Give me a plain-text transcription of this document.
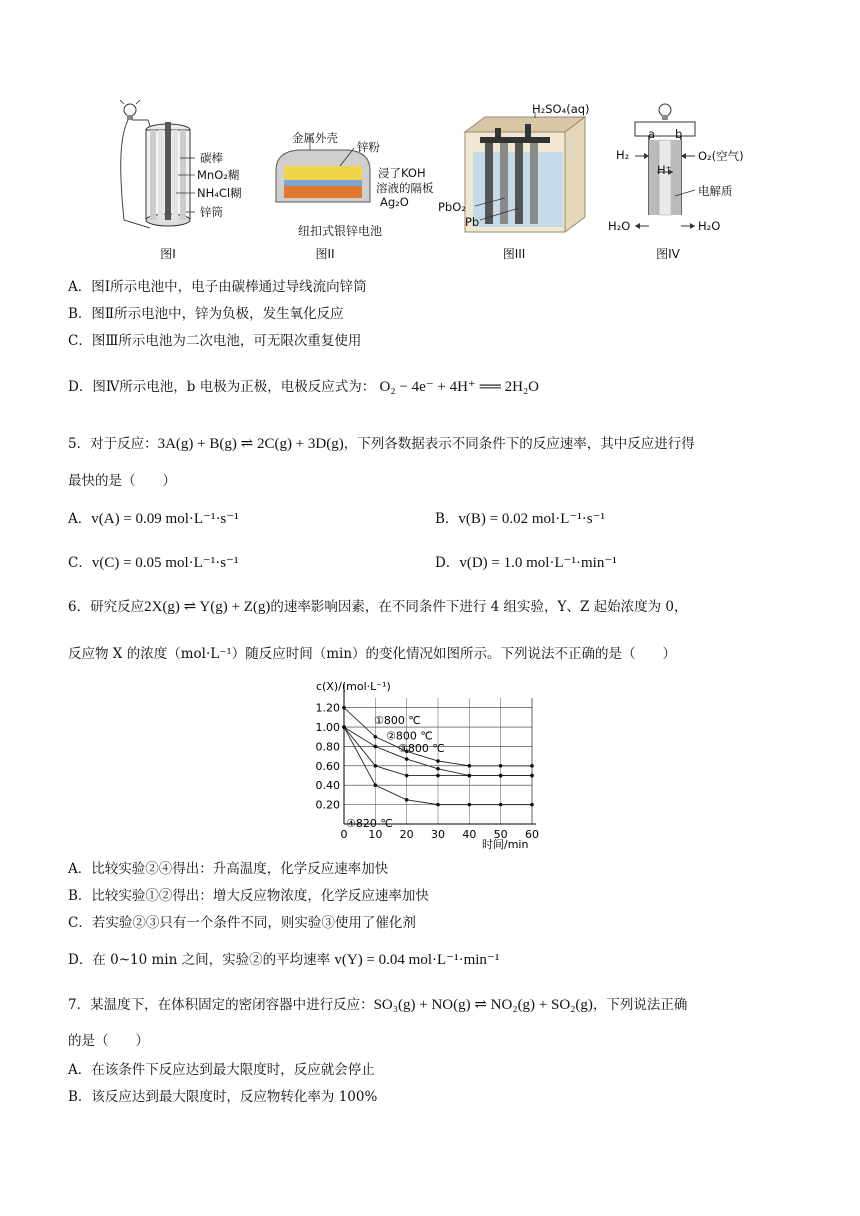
碳棒
MnO₂糊
NH₄Cl糊
锌筒
图I
金属外壳
锌粉
浸了KOH
溶液的隔板
Ag₂O
纽扣式银锌电池
图II
H₂SO₄(aq)
PbO₂
Pb
图III
a b
H₂	O₂(空气)
H⁺
电解质
H₂O	H₂O
图IV
A．图Ⅰ所示电池中，电子由碳棒通过导线流向锌筒
B．图Ⅱ所示电池中，锌为负极，发生氧化反应
C．图Ⅲ所示电池为二次电池，可无限次重复使用
D．图Ⅳ所示电池，b 电极为正极，电极反应式为： O₂ − 4e⁻ + 4H⁺ ══ 2H₂O
5．对于反应：3A(g) + B(g) ⇌ 2C(g) + 3D(g)，下列各数据表示不同条件下的反应速率，其中反应进行得
最快的是（　　）
A．v(A) = 0.09 mol·L⁻¹·s⁻¹	B．v(B) = 0.02 mol·L⁻¹·s⁻¹
C．v(C) = 0.05 mol·L⁻¹·s⁻¹	D．v(D) = 1.0 mol·L⁻¹·min⁻¹
6．研究反应2X(g) ⇌ Y(g) + Z(g)的速率影响因素，在不同条件下进行 4 组实验，Y、Z 起始浓度为 0，
反应物 X 的浓度（mol·L⁻¹）随反应时间（min）的变化情况如图所示。下列说法不正确的是（　　）
①800 ℃
②800 ℃
③800 ℃
④820 ℃
0.20
0.40
0.60
0.80
1.00
1.20
0 10 20 30 40 50 60
c(X)/(mol·L⁻¹)
时间/min
A．比较实验②④得出：升高温度，化学反应速率加快
B．比较实验①②得出：增大反应物浓度，化学反应速率加快
C．若实验②③只有一个条件不同，则实验③使用了催化剂
D．在 0~10 min 之间，实验②的平均速率 v(Y) = 0.04 mol·L⁻¹·min⁻¹
7．某温度下，在体积固定的密闭容器中进行反应：SO₃(g) + NO(g) ⇌ NO₂(g) + SO₂(g)，下列说法正确
的是（　　）
A．在该条件下反应达到最大限度时，反应就会停止
B．该反应达到最大限度时，反应物转化率为 100%
